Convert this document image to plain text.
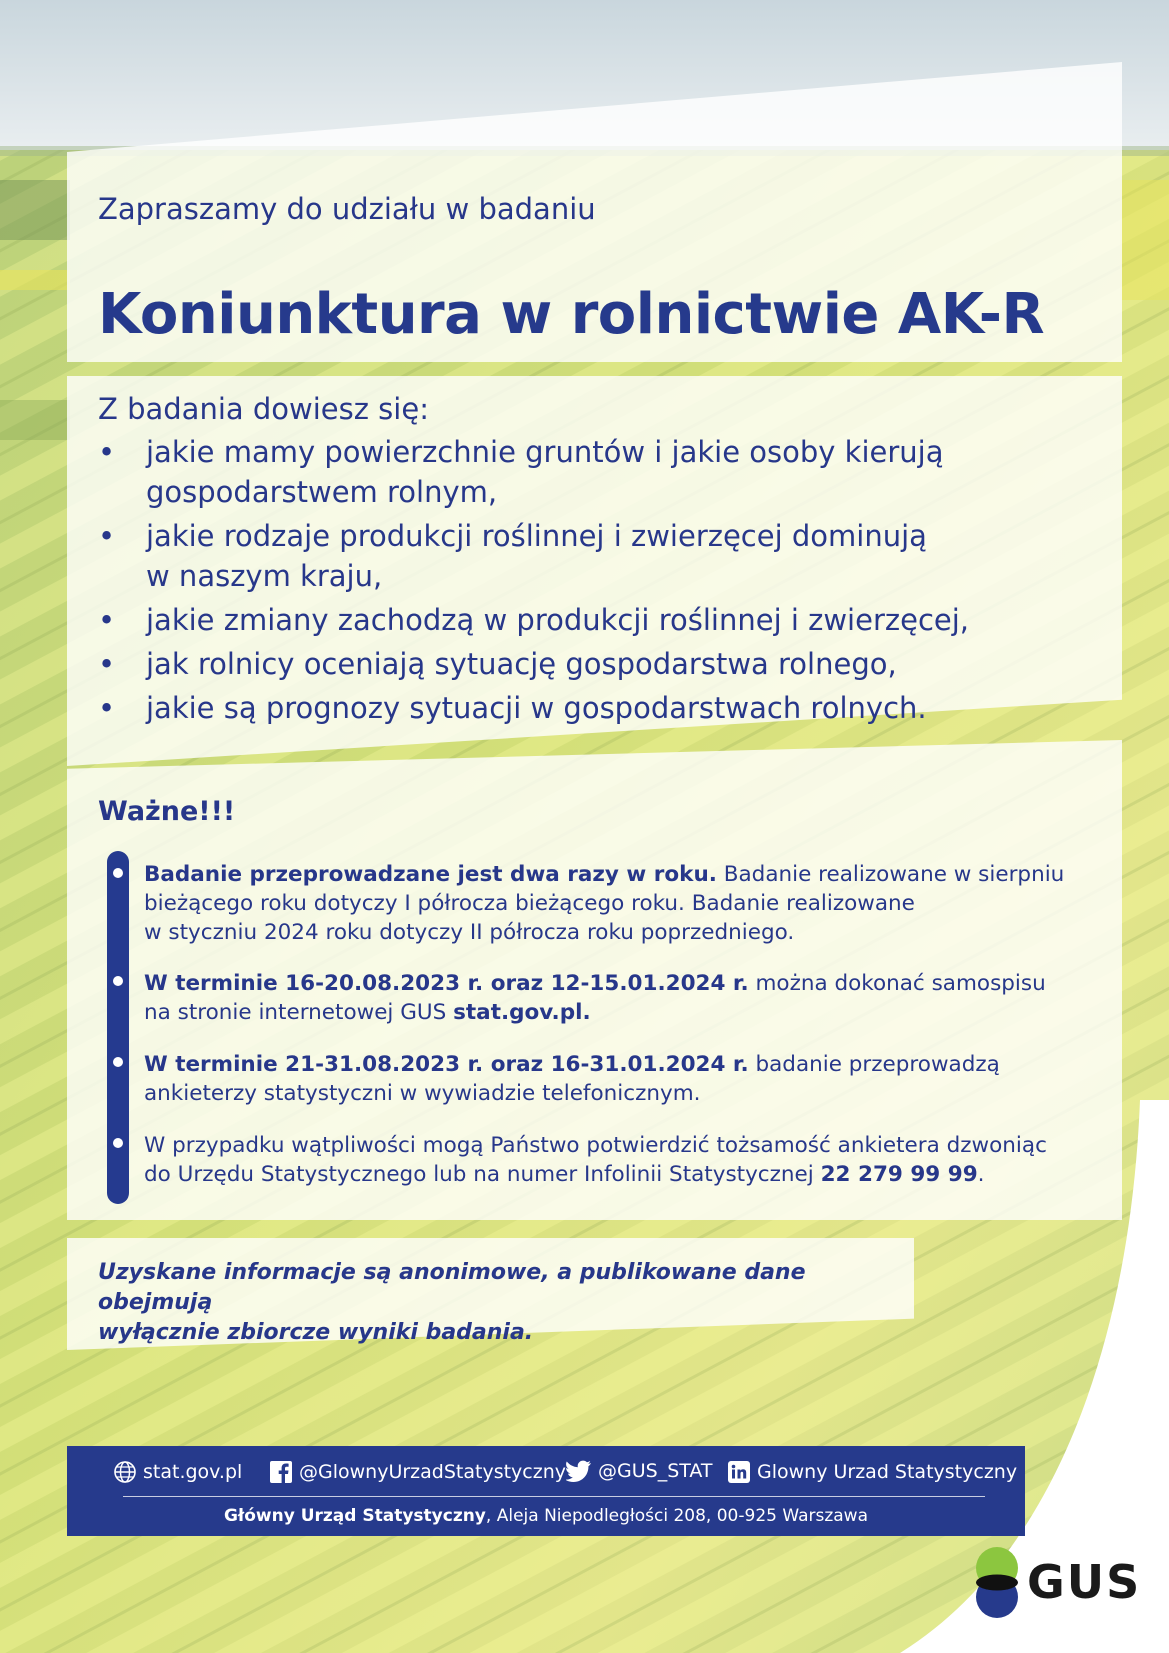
Zapraszamy do udziału w badaniu
Koniunktura w rolnictwie AK-R
Z badania dowiesz się:
• jakie mamy powierzchnie gruntów i jakie osoby kierują
gospodarstwem rolnym,
• jakie rodzaje produkcji roślinnej i zwierzęcej dominują
w naszym kraju,
• jakie zmiany zachodzą w produkcji roślinnej i zwierzęcej,
• jak rolnicy oceniają sytuację gospodarstwa rolnego,
• jakie są prognozy sytuacji w gospodarstwach rolnych.
Ważne!!!
Badanie przeprowadzane jest dwa razy w roku. Badanie realizowane w sierpniu
bieżącego roku dotyczy I półrocza bieżącego roku. Badanie realizowane
w styczniu 2024 roku dotyczy II półrocza roku poprzedniego.
W terminie 16-20.08.2023 r. oraz 12-15.01.2024 r. można dokonać samospisu
na stronie internetowej GUS stat.gov.pl.
W terminie 21-31.08.2023 r. oraz 16-31.01.2024 r. badanie przeprowadzą
ankieterzy statystyczni w wywiadzie telefonicznym.
W przypadku wątpliwości mogą Państwo potwierdzić tożsamość ankietera dzwoniąc
do Urzędu Statystycznego lub na numer Infolinii Statystycznej 22 279 99 99.
Uzyskane informacje są anonimowe, a publikowane dane obejmują
wyłącznie zbiorcze wyniki badania.
stat.gov.pl	@GlownyUrzadStatystyczny @GUS_STAT Glowny Urzad Statystyczny
Główny Urząd Statystyczny, Aleja Niepodległości 208, 00-925 Warszawa
GUS
